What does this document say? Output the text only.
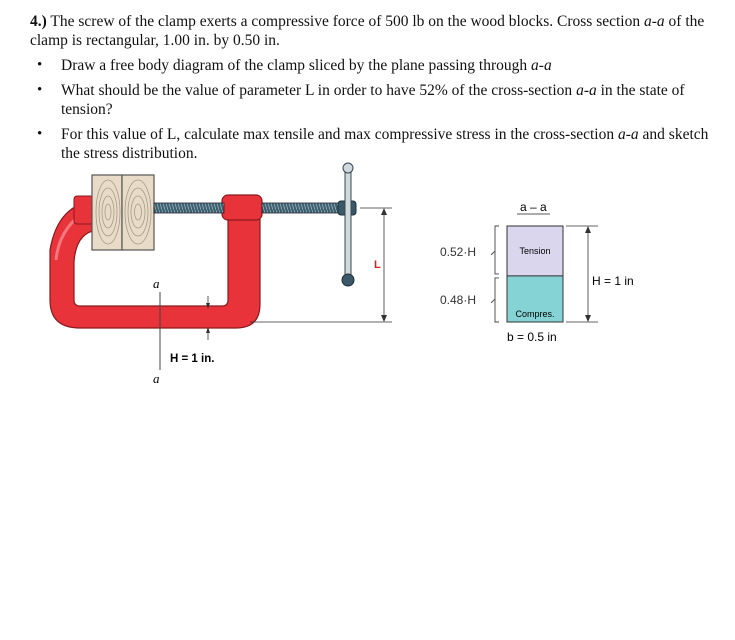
4.) The screw of the clamp exerts a compressive force of 500 lb on the wood blocks. Cross section a-a of the clamp is rectangular, 1.00 in. by 0.50 in.

• Draw a free body diagram of the clamp sliced by the plane passing through a-a
• What should be the value of parameter L in order to have 52% of the cross-section a-a in the state of tension?
• For this value of L, calculate max tensile and max compressive stress in the cross-section a-a and sketch the stress distribution.
L
a
a
H = 1 in.
a – a
Tension
Compres.
0.52·H
0.48·H
H = 1 in
b = 0.5 in
